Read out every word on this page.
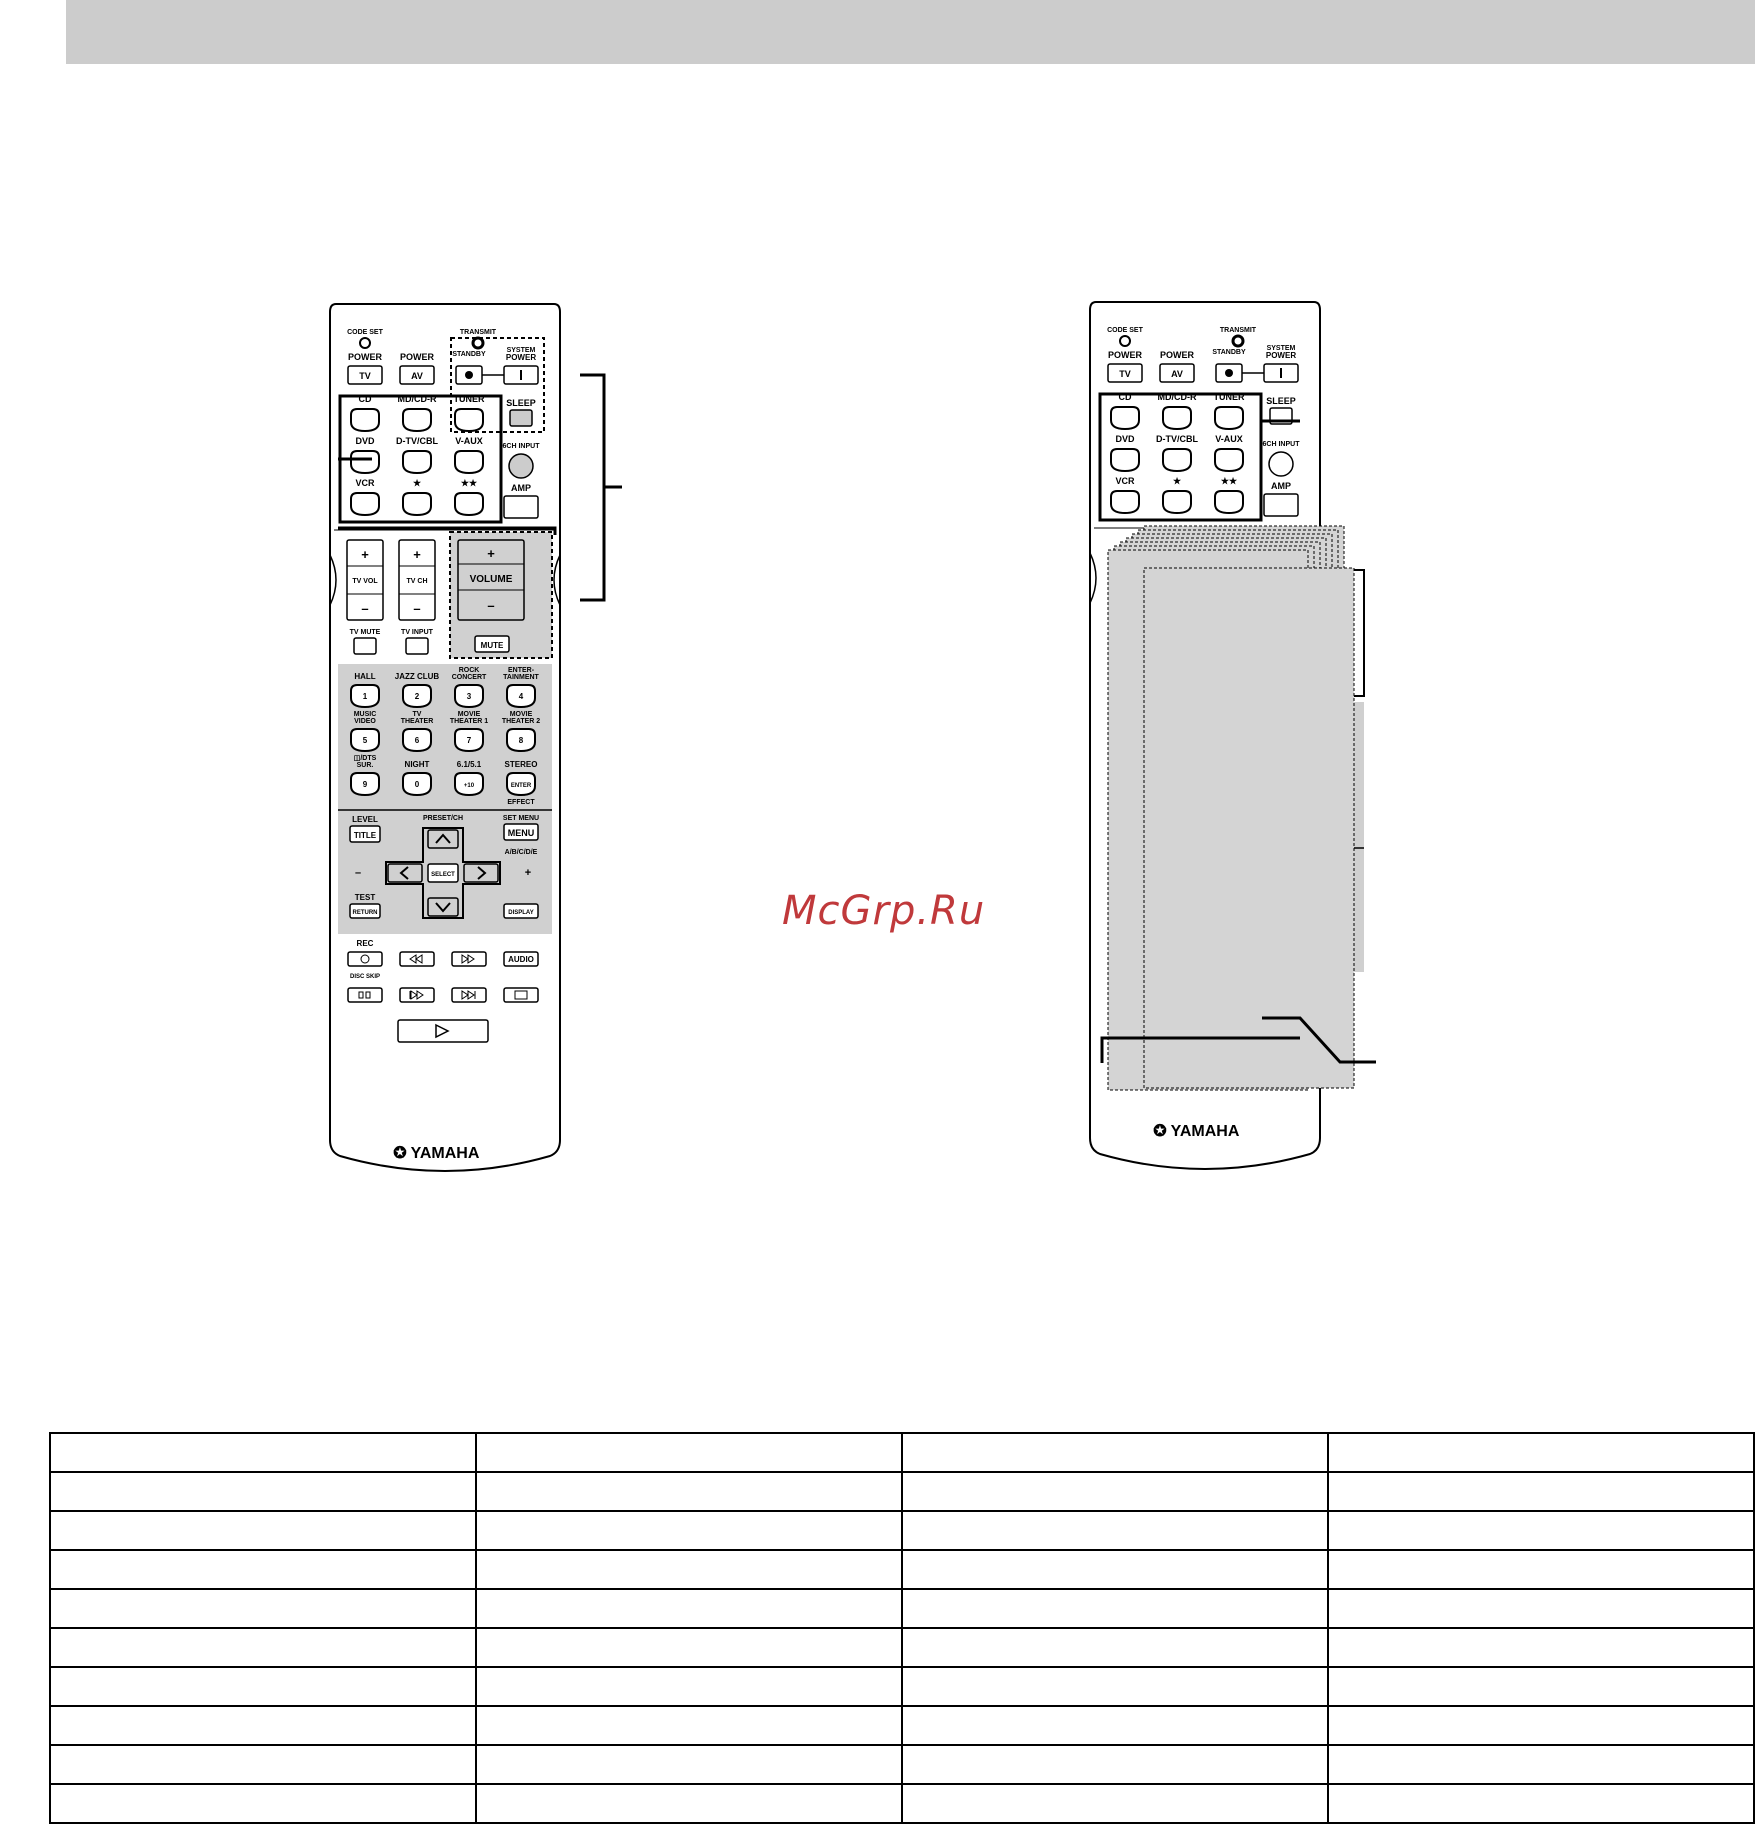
CODE SET	TRANSMIT
POWER
TV
POWER
AV
STANDBY
SYSTEM
POWER
CD	MD/CD-R TUNER
DVD D-TV/CBL V-AUX
VCR	★	★★
SLEEP
6CH INPUT
AMP
+
TV VOL
–
+
TV CH
–
TV MUTE	TV INPUT
+
VOLUME
–
MUTE
HALL
1
JAZZ CLUB
2
ROCK
CONCERT
3
ENTER-
TAINMENT
4
MUSIC
VIDEO
5
TV
THEATER
6
MOVIE
THEATER 1
7
MOVIE
THEATER 2
8
◫/DTS
SUR.
9
NIGHT
0
6.1/5.1
+10
STEREO
ENTER
EFFECT
LEVEL
TITLE
PRESET/CH	SET MENU
MENU
A/B/C/D/E
SELECT
–	+
TEST
RETURN	DISPLAY
REC
AUDIO
DISC SKIP
YAMAHA
✪
CODE SET	TRANSMIT
POWER
TV
POWER
AV
STANDBY
SYSTEM
POWER
CD	MD/CD-R TUNER
DVD D-TV/CBL V-AUX
VCR	★	★★
SLEEP
6CH INPUT
AMP
YAMAHA
✪
McGrp.Ru
